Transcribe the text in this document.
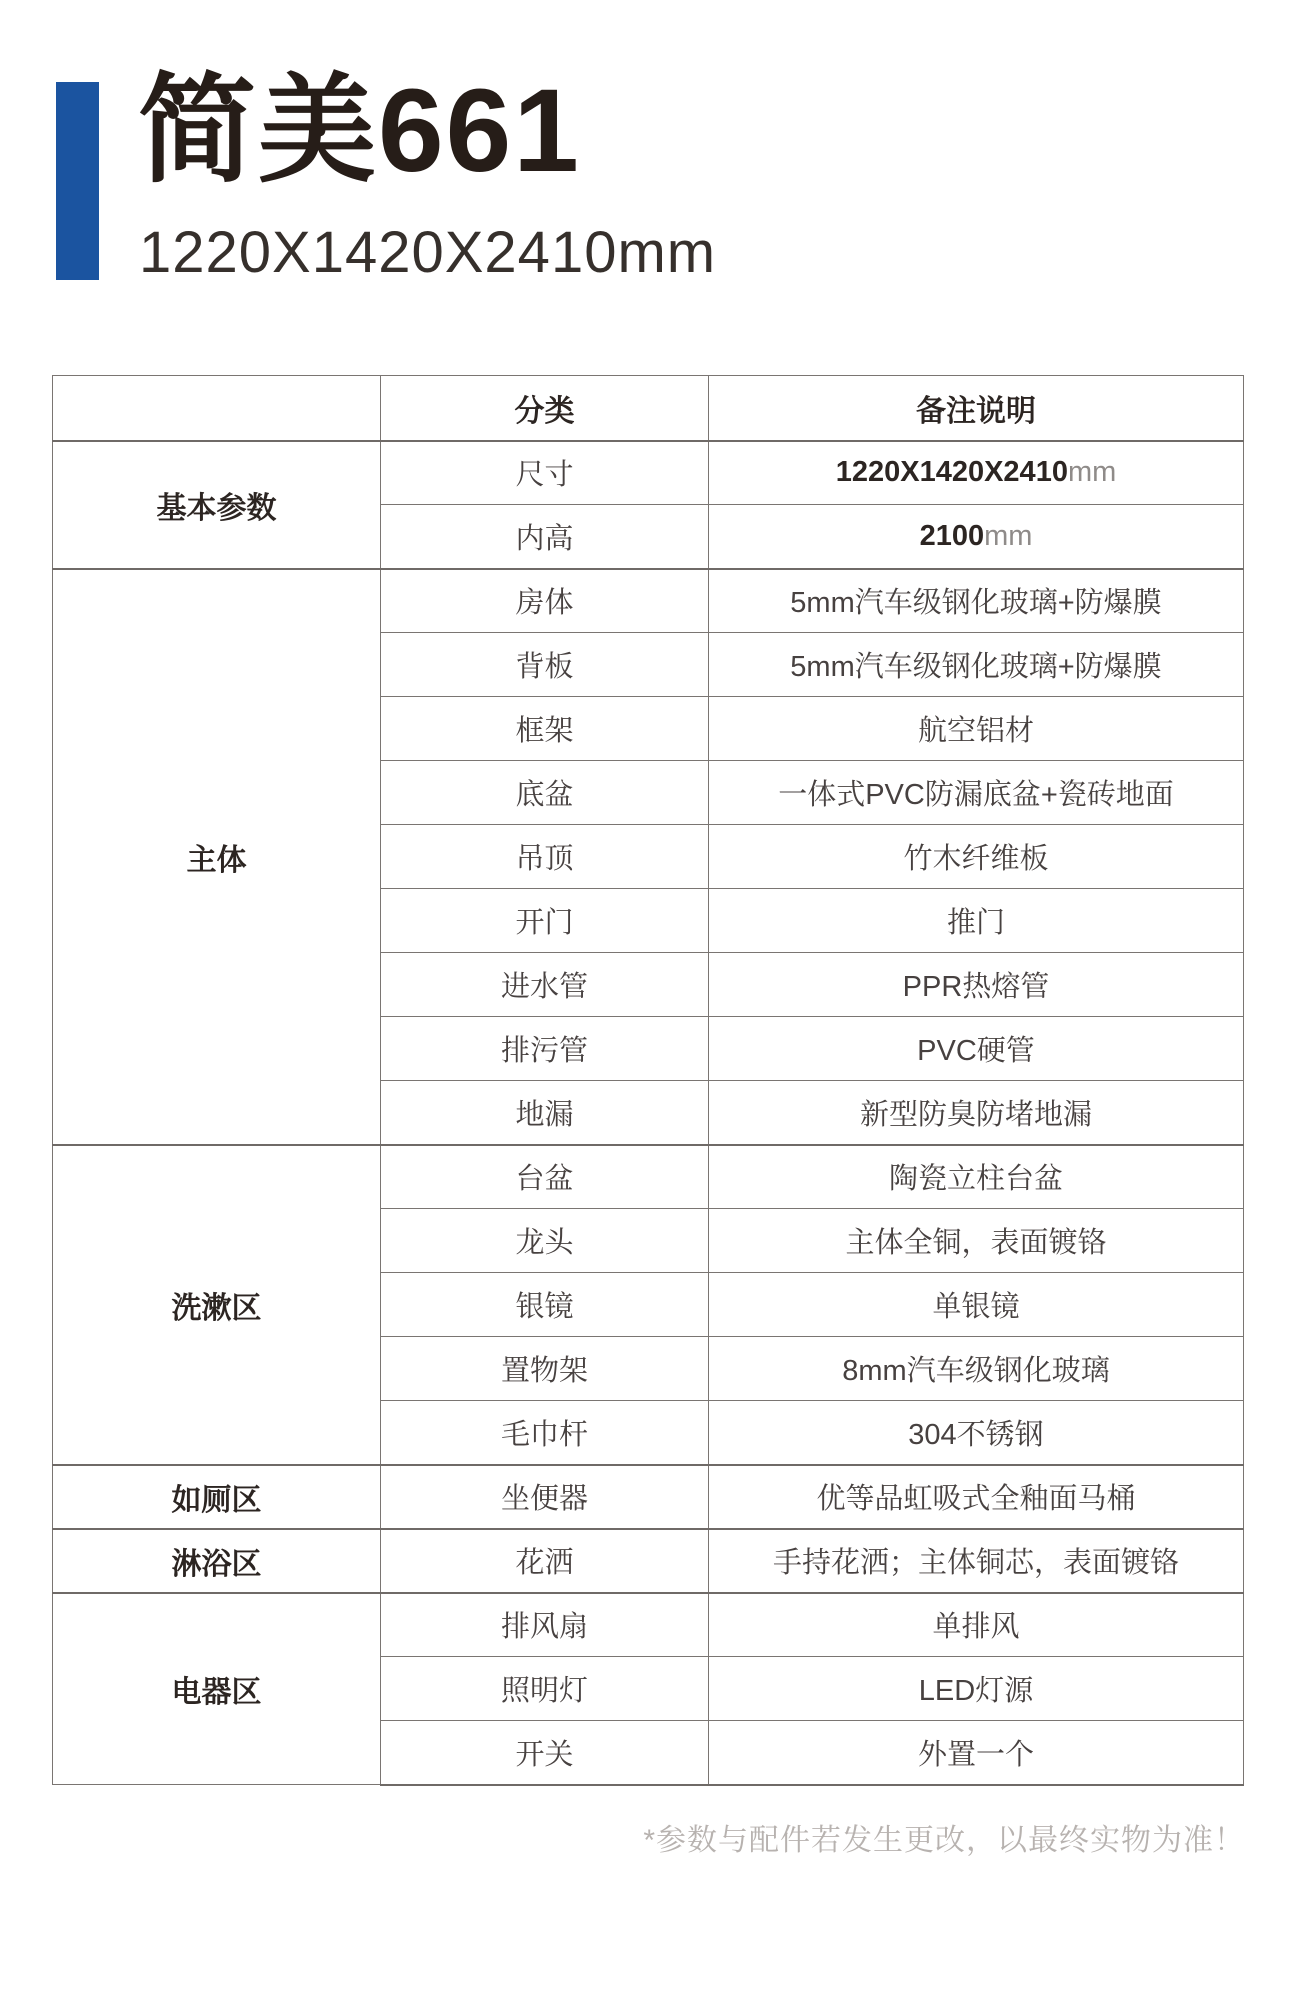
简美661
1220X1420X2410mm
	分类	备注说明
基本参数	尺寸	1220X1420X2410mm
	内高	2100mm
主体	房体	5mm汽车级钢化玻璃+防爆膜
	背板	5mm汽车级钢化玻璃+防爆膜
	框架	航空铝材
	底盆	一体式PVC防漏底盆+瓷砖地面
	吊顶	竹木纤维板
	开门	推门
	进水管	PPR热熔管
	排污管	PVC硬管
	地漏	新型防臭防堵地漏
洗漱区	台盆	陶瓷立柱台盆
	龙头	主体全铜，表面镀铬
	银镜	单银镜
	置物架	8mm汽车级钢化玻璃
	毛巾杆	304不锈钢
如厕区	坐便器	优等品虹吸式全釉面马桶
淋浴区	花洒	手持花洒；主体铜芯，表面镀铬
电器区	排风扇	单排风
	照明灯	LED灯源
	开关	外置一个
*参数与配件若发生更改，以最终实物为准！
